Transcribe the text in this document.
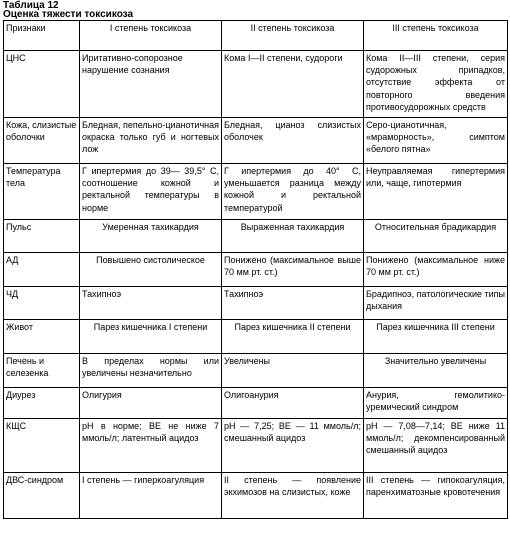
Таблица 12
Оценка тяжести токсикоза
Признаки	I степень токсикоза	II степень токсикоза	III степень токсикоза
ЦНС	Иритативно-сопорозное нарушение сознания	Кома I—II степени, судороги	Кома II—III степени, серия судорожных припадков, отсутствие эффекта от повторного введения противосудорожных средств
Кожа, слизистые оболочки	Бледная, пепельно-цианотичная окраска только губ и ногтевых лож	Бледная, цианоз слизистых оболочек	Серо-цианотичная, «мраморность», симптом «белого пятна»
Температура тела	Г ипертермия до 39— 39,5° С, соотношение кожной и ректальной температуры в норме	Г ипертермия до 40° С, уменьшается разница между кожной и ректальной температурой	Неуправляемая гипертермия или, чаще, гипотермия
Пульс	Умеренная тахикардия	Выраженная тахикардия	Относительная брадикардия
АД	Повышено систолическое	Понижено (максимальное выше 70 мм рт. ст.)	Понижено (максимальное ниже 70 мм рт. ст.)
ЧД	Тахипноэ	Тахипноэ	Брадипноэ, патологические типы дыхания
Живот	Парез кишечника I степени	Парез кишечника II степени	Парез кишечника III степени
Печень и селезенка	В пределах нормы или увеличены незначительно	Увеличены	Значительно увеличены
Диурез	Олигурия	Олигоанурия	Анурия, гемолитико-уремический синдром
КЩС	pH в норме; BE не ниже 7 ммоль/л; латентный ацидоз	pH — 7,25; BE — 11 ммоль/л; смешанный ацидоз	pH — 7,08—7,14; BE ниже 11 ммоль/л; декомпенсированный смешанный ацидоз
ДВС-синдром	I степень — гиперкоагуляция	II степень — появление экхимозов на слизистых, коже	III степень — гипокоагуляция, паренхиматозные кровотечения
